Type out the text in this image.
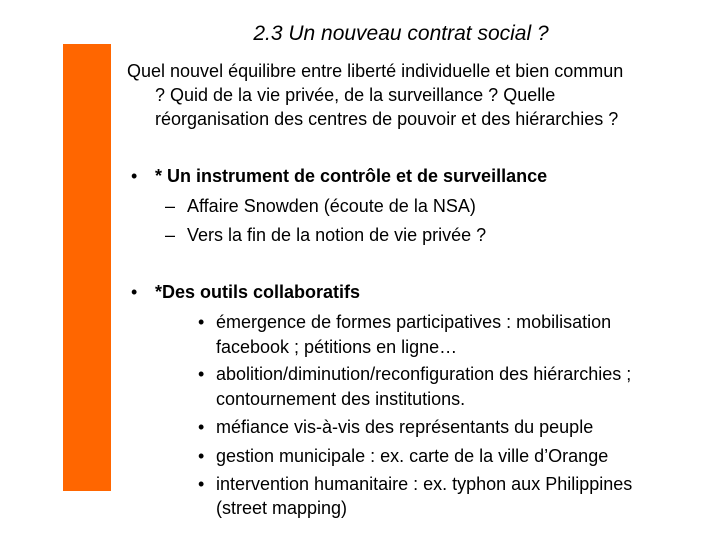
2.3 Un nouveau contrat social ?
Quel nouvel équilibre entre liberté individuelle et bien commun
? Quid de la vie privée, de la surveillance ? Quelle
réorganisation des centres de pouvoir et des hiérarchies ?
• * Un instrument de contrôle et de surveillance
– Affaire Snowden (écoute de la NSA)
– Vers la fin de la notion de vie privée ?
• *Des outils collaboratifs
• émergence de formes participatives : mobilisation
facebook ; pétitions en ligne…
• abolition/diminution/reconfiguration des hiérarchies ;
contournement des institutions.
• méfiance vis-à-vis des représentants du peuple
• gestion municipale : ex. carte de la ville d’Orange
• intervention humanitaire : ex. typhon aux Philippines
(street mapping)
